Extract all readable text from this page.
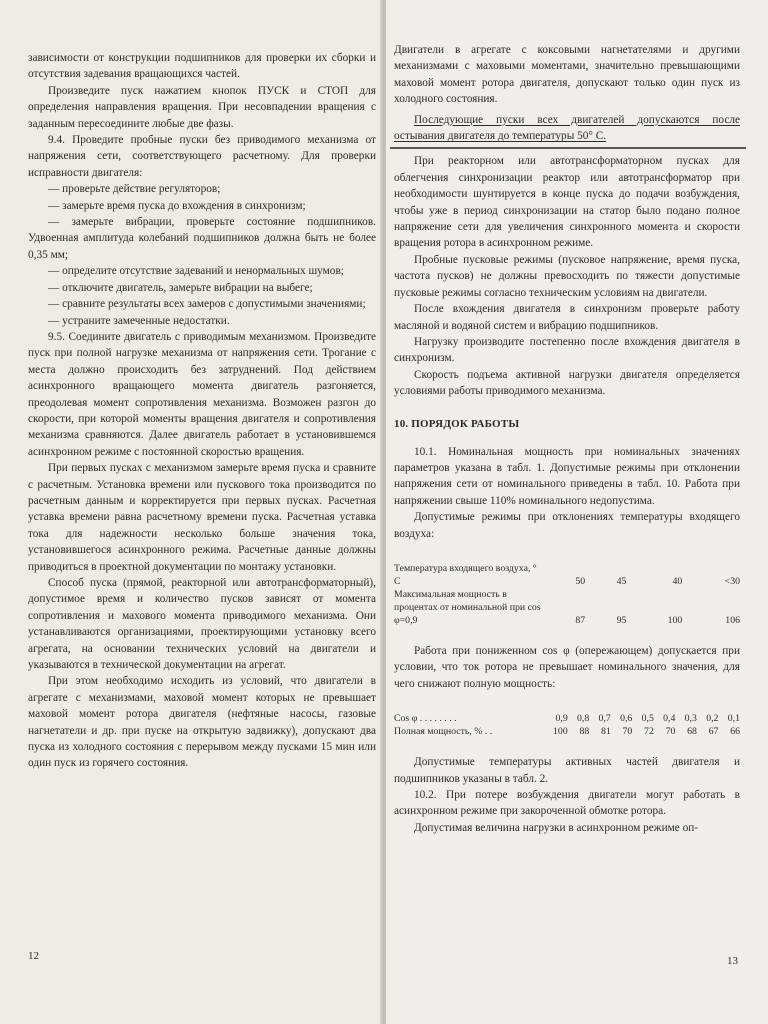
зависимости от конструкции подшипников для проверки их сборки и отсутствия задевания вращающихся частей.

Произведите пуск нажатием кнопок ПУСК и СТОП для определения направления вращения. При несовпадении вращения с заданным пересоедините любые две фазы.

9.4. Проведите пробные пуски без приводимого механизма от напряжения сети, соответствующего расчетному. Для проверки исправности двигателя:

— проверьте действие регуляторов;

— замерьте время пуска до вхождения в синхронизм;

— замерьте вибрации, проверьте состояние подшипников. Удвоенная амплитуда колебаний подшипников должна быть не более 0,35 мм;

— определите отсутствие задеваний и ненормальных шумов;

— отключите двигатель, замерьте вибрации на выбеге;

— сравните результаты всех замеров с допустимыми значениями;

— устраните замеченные недостатки.

9.5. Соедините двигатель с приводимым механизмом. Произведите пуск при полной нагрузке механизма от напряжения сети. Трогание с места должно происходить без затруднений. Под действием асинхронного вращающего момента двигатель разгоняется, преодолевая момент сопротивления механизма. Возможен разгон до скорости, при которой моменты вращения двигателя и сопротивления механизма сравняются. Далее двигатель работает в установившемся асинхронном режиме с постоянной скоростью вращения.

При первых пусках с механизмом замерьте время пуска и сравните с расчетным. Установка времени или пускового тока производится по расчетным данным и корректируется при первых пусках. Расчетная уставка времени равна расчетному времени пуска. Расчетная уставка тока для надежности несколько больше значения тока, установившегося асинхронного режима. Расчетные данные должны приводиться в проектной документации по монтажу установки.

Способ пуска (прямой, реакторной или автотрансформаторный), допустимое время и количество пусков зависят от момента сопротивления и махового момента приводимого механизма. Они устанавливаются организациями, проектирующими установку всего агрегата, на основании технических условий на двигатели и указываются в технической документации на агрегат.

При этом необходимо исходить из условий, что двигатели в агрегате с механизмами, маховой момент которых не превышает маховой момент ротора двигателя (нефтяные насосы, газовые нагнетатели и др. при пуске на открытую задвижку), допускают два пуска из холодного состояния с перерывом между пусками 15 мин или один пуск из горячего состояния.

12

Двигатели в агрегате с коксовыми нагнетателями и другими механизмами с маховыми моментами, значительно превышающими маховой момент ротора двигателя, допускают только один пуск из холодного состояния.

Последующие пуски всех двигателей допускаются после остывания двигателя до температуры 50° С.

При реакторном или автотрансформаторном пусках для облегчения синхронизации реактор или автотрансформатор при необходимости шунтируется в конце пуска до подачи возбуждения, чтобы уже в период синхронизации на статор было подано полное напряжение сети для увеличения синхронного момента и скорости вращения ротора в асинхронном режиме.

Пробные пусковые режимы (пусковое напряжение, время пуска, частота пусков) не должны превосходить по тяжести допустимые пусковые режимы согласно техническим условиям на двигатели.

После вхождения двигателя в синхронизм проверьте работу масляной и водяной систем и вибрацию подшипников.

Нагрузку производите постепенно после вхождения двигателя в синхронизм.

Скорость подъема активной нагрузки двигателя определяется условиями работы приводимого механизма.

10. ПОРЯДОК РАБОТЫ

10.1. Номинальная мощность при номинальных значениях параметров указана в табл. 1. Допустимые режимы при отклонении напряжения сети от номинального приведены в табл. 10. Работа при напряжении свыше 110% номинального недопустима.

Допустимые режимы при отклонениях температуры входящего воздуха:

Температура входящего воздуха, ° С	50	45	40	<30
Максимальная мощность в процентах от номинальной при cos φ=0,9	87	95	100	106

Работа при пониженном cos φ (опережающем) допускается при условии, что ток ротора не превышает номинального значения, для чего снижают полную мощность:

Cos φ . . . . . . . .	0,9	0,8	0,7	0,6	0,5	0,4	0,3	0,2	0,1
Полная мощность, % . .	100	88	81	70	72	70	68	67	66

Допустимые температуры активных частей двигателя и подшипников указаны в табл. 2.

10.2. При потере возбуждения двигатели могут работать в асинхронном режиме при закороченной обмотке ротора.

Допустимая величина нагрузки в асинхронном режиме оп-

13
